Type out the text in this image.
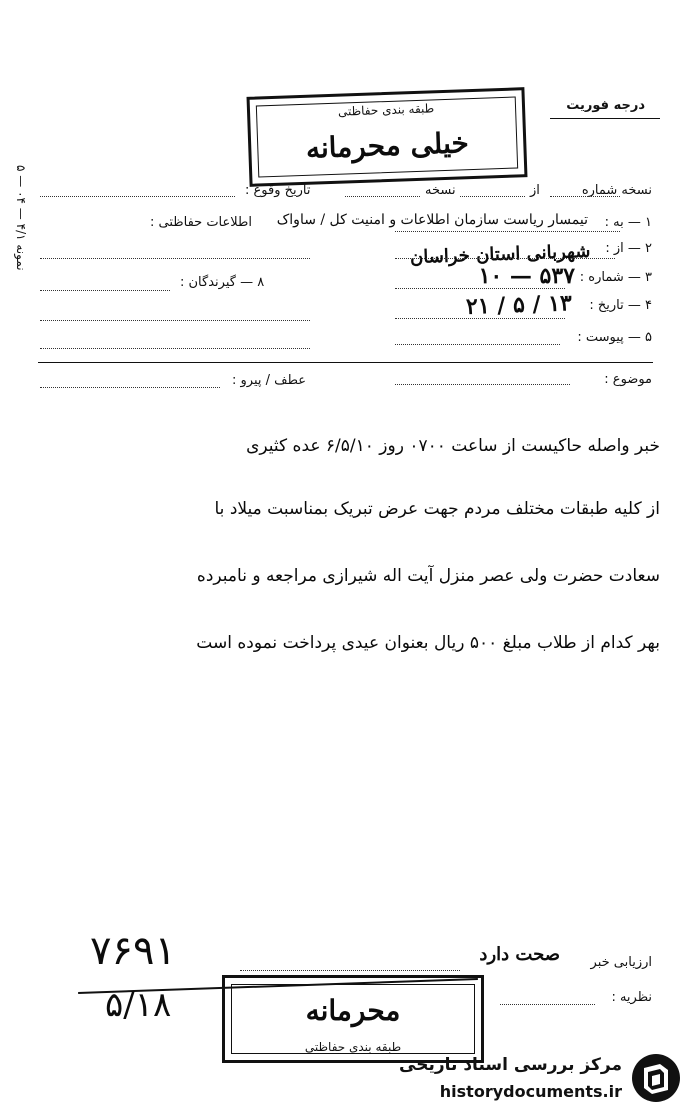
نمونه ۴/۱ — ۰۴ — ۵
درجه فوریت
طبقه بندی حفاظتی
خیلی محرمانه
نسخه شماره
از
نسخه
تاریخ وقوع :
اطلاعات حفاظتی :	۱ — به :
تیمسار ریاست سازمان اطلاعات و امنیت کل / ساواک
۲ — از :
شهربانی استان خراسان
۳ — شماره :
۱۰ — ۵۳۷
۸ — گیرندگان :
۴ — تاریخ :
۲۱ / ۵ / ۱۳
۵ — پیوست :
موضوع :
عطف / پیرو :
خبر واصله حاکیست از ساعت ۰۷۰۰ روز ۶/۵/۱۰ عده کثیری
از کلیه طبقات مختلف مردم جهت عرض تبریک بمناسبت میلاد با
سعادت حضرت ولی عصر منزل آیت اله شیرازی مراجعه و نامبرده
بهر کدام از طلاب مبلغ ۵۰۰ ریال بعنوان عیدی پرداخت نموده است
ارزیابی خبر
صحت دارد
نظریه :
۷۶۹۱
۵/۱۸	محرمانه
طبقه بندی حفاظتی
مرکز بررسی اسناد تاریخی
historydocuments.ir
